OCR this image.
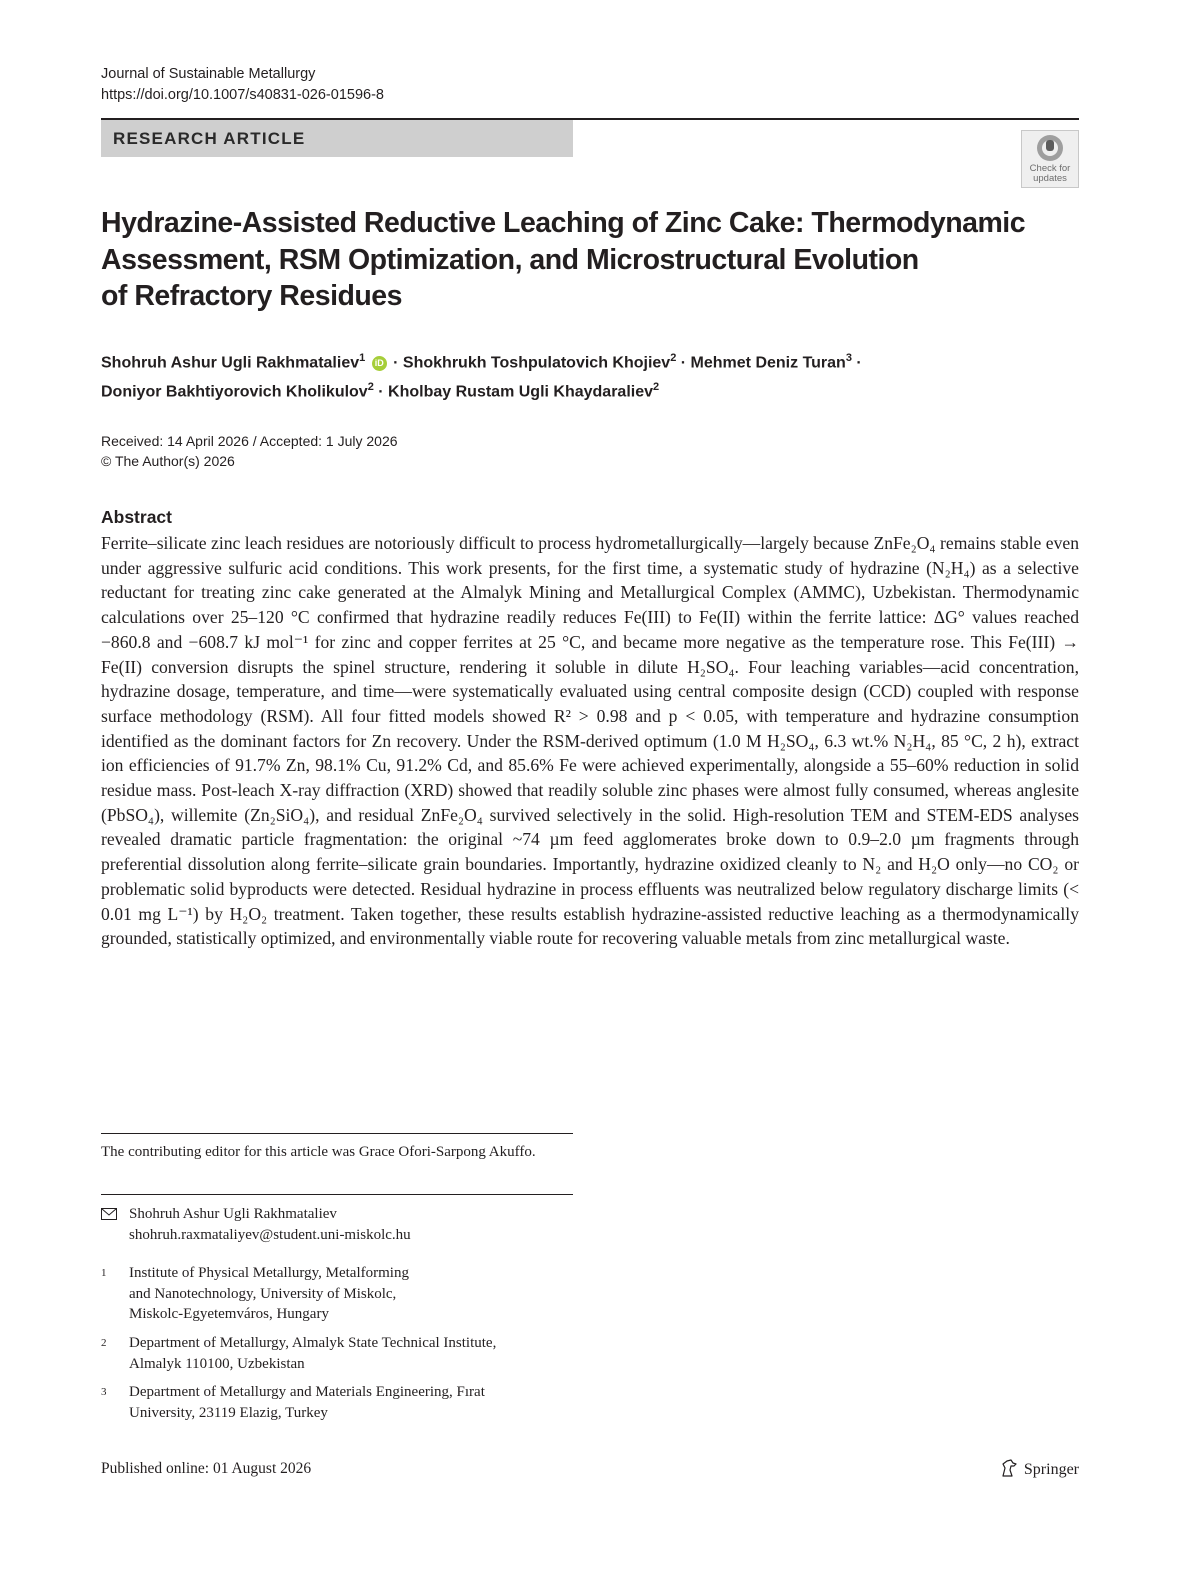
Journal of Sustainable Metallurgy
https://doi.org/10.1007/s40831-026-01596-8
RESEARCH ARTICLE
Check for
updates
Hydrazine-Assisted Reductive Leaching of Zinc Cake: Thermodynamic
Assessment, RSM Optimization, and Microstructural Evolution
of Refractory Residues
Shohruh Ashur Ugli Rakhmataliev$^1$ iD · Shokhrukh Toshpulatovich Khojiev$^2$ · Mehmet Deniz Turan$^3$ ·
Doniyor Bakhtiyorovich Kholikulov$^2$ · Kholbay Rustam Ugli Khaydaraliev$^2$
Received: 14 April 2026 / Accepted: 1 July 2026
© The Author(s) 2026
Abstract

Ferrite–silicate zinc leach residues are notoriously difficult to process hydrometallurgically—largely because ZnFe₂O₄ remains stable even under aggressive sulfuric acid conditions. This work presents, for the first time, a systematic study of hydrazine (N₂H₄) as a selective reductant for treating zinc cake generated at the Almalyk Mining and Metallurgical Complex (AMMC), Uzbekistan. Thermodynamic calculations over 25–120 °C confirmed that hydrazine readily reduces Fe(III) to Fe(II) within the ferrite lattice: ΔG° values reached −860.8 and −608.7 kJ mol⁻¹ for zinc and copper ferrites at 25 °C, and became more negative as the temperature rose. This Fe(III) → Fe(II) conversion disrupts the spinel structure, rendering it soluble in dilute H₂SO₄. Four leaching variables—acid concentration, hydrazine dosage, temperature, and time—were systematically evaluated using central composite design (CCD) coupled with response surface methodology (RSM). All four fitted models showed R² > 0.98 and p < 0.05, with temperature and hydrazine consumption identified as the dominant factors for Zn recovery. Under the RSM-derived optimum (1.0 M H₂SO₄, 6.3 wt.% N₂H₄, 85 °C, 2 h), extract ion efficiencies of 91.7% Zn, 98.1% Cu, 91.2% Cd, and 85.6% Fe were achieved experimentally, alongside a 55–60% reduction in solid residue mass. Post-leach X-ray diffraction (XRD) showed that readily soluble zinc phases were almost fully consumed, whereas anglesite (PbSO₄), willemite (Zn₂SiO₄), and residual ZnFe₂O₄ survived selectively in the solid. High-resolution TEM and STEM-EDS analyses revealed dramatic particle fragmentation: the original ~74 µm feed agglomerates broke down to 0.9–2.0 µm fragments through preferential dissolution along ferrite–silicate grain boundaries. Importantly, hydrazine oxidized cleanly to N₂ and H₂O only—no CO₂ or problematic solid byproducts were detected. Residual hydrazine in process effluents was neutralized below regulatory discharge limits (< 0.01 mg L⁻¹) by H₂O₂ treatment. Taken together, these results establish hydrazine-assisted reductive leaching as a thermodynamically grounded, statistically optimized, and environmentally viable route for recovering valuable metals from zinc metallurgical waste.

The contributing editor for this article was Grace Ofori-Sarpong Akuffo.
Shohruh Ashur Ugli Rakhmataliev
shohruh.raxmataliyev@student.uni-miskolc.hu
1 Institute of Physical Metallurgy, Metalforming
and Nanotechnology, University of Miskolc,
Miskolc-Egyetemváros, Hungary
2 Department of Metallurgy, Almalyk State Technical Institute,
Almalyk 110100, Uzbekistan
3 Department of Metallurgy and Materials Engineering, Fırat
University, 23119 Elazig, Turkey
Published online: 01 August 2026	Springer
